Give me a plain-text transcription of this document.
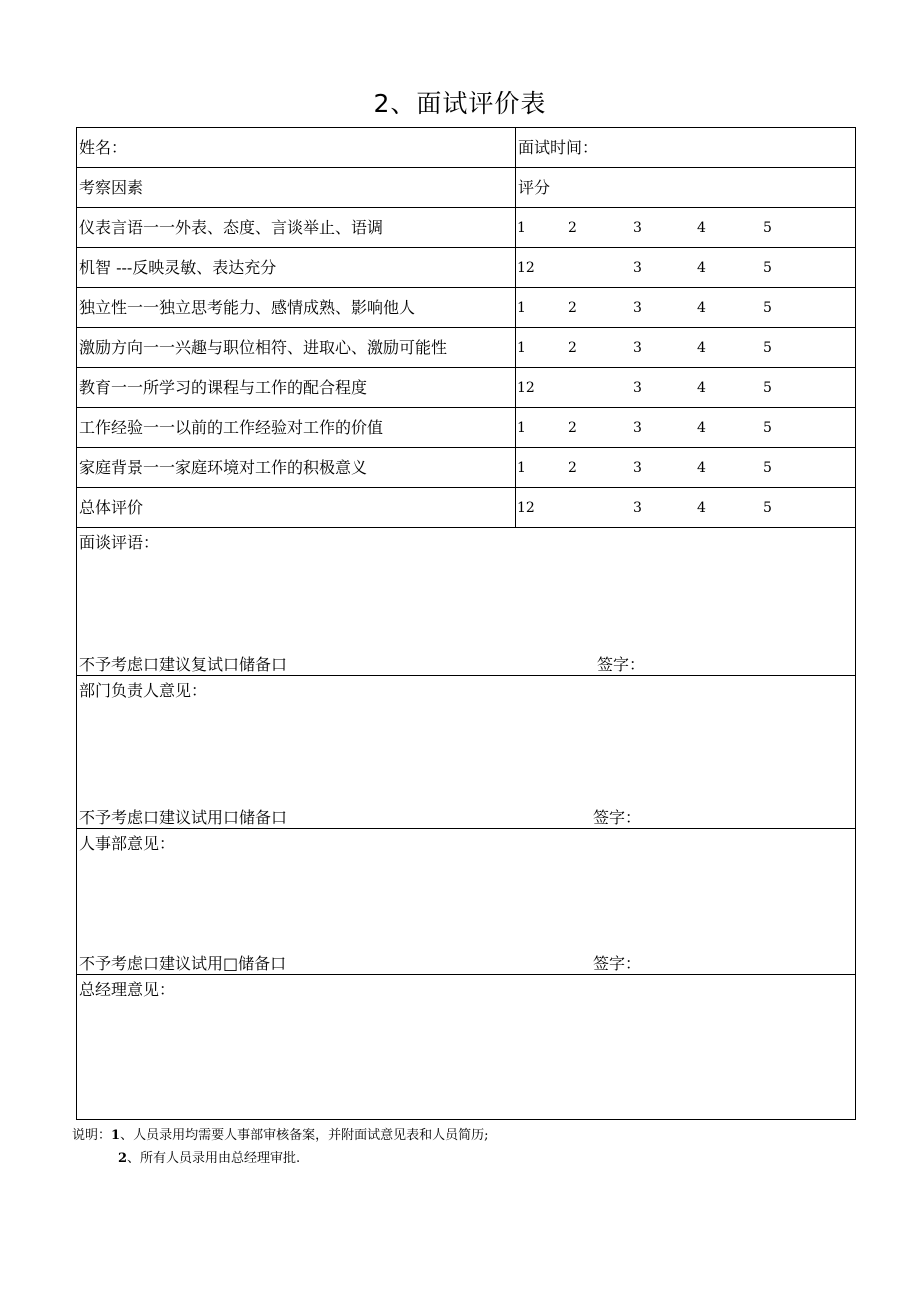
2、面试评价表
姓名：	面试时间：
考察因素	评分
仪表言语一一外表、态度、言谈举止、语调	1 2 3 4 5

机智 ---反映灵敏、表达充分	12 3 4 5

独立性一一独立思考能力、感情成熟、影响他人	1 2 3 4 5

激励方向一一兴趣与职位相符、进取心、激励可能性	1 2 3 4 5

教育一一所学习的课程与工作的配合程度	12 3 4 5

工作经验一一以前的工作经验对工作的价值	1 2 3 4 5

家庭背景一一家庭环境对工作的积极意义	1 2 3 4 5

总体评价	12 3 4 5

面谈评语：
不予考虑口建议复试口储备口 签字：	

部门负责人意见：
不予考虑口建议试用口储备口 签字：	

人事部意见：
不予考虑口建议试用□储备口 签字：	

总经理意见：	
说明：1、人员录用均需要人事部审核备案，并附面试意见表和人员简历;
2、所有人员录用由总经理审批.
